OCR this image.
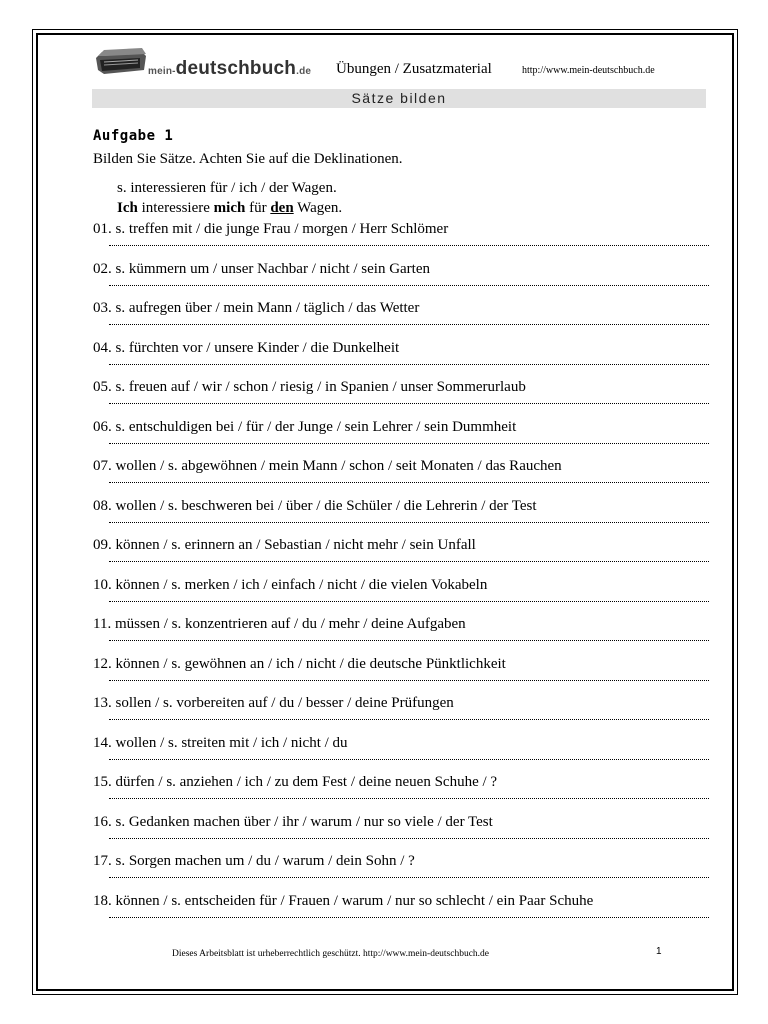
mein-deutschbuch.de Übungen / Zusatzmaterial	http://www.mein-deutschbuch.de
Sätze bilden
Aufgabe 1
Bilden Sie Sätze. Achten Sie auf die Deklinationen.
s. interessieren für / ich / der Wagen.
Ich interessiere mich für den Wagen.
01. s. treffen mit / die junge Frau / morgen / Herr Schlömer
02. s. kümmern um / unser Nachbar / nicht / sein Garten
03. s. aufregen über / mein Mann / täglich / das Wetter
04. s. fürchten vor / unsere Kinder / die Dunkelheit
05. s. freuen auf / wir / schon / riesig / in Spanien / unser Sommerurlaub
06. s. entschuldigen bei / für / der Junge / sein Lehrer / sein Dummheit
07. wollen / s. abgewöhnen / mein Mann / schon / seit Monaten / das Rauchen
08. wollen / s. beschweren bei / über / die Schüler / die Lehrerin / der Test
09. können / s. erinnern an / Sebastian / nicht mehr / sein Unfall
10. können / s. merken / ich / einfach / nicht / die vielen Vokabeln
11. müssen / s. konzentrieren auf / du / mehr / deine Aufgaben
12. können / s. gewöhnen an / ich / nicht / die deutsche Pünktlichkeit
13. sollen / s. vorbereiten auf / du / besser / deine Prüfungen
14. wollen / s. streiten mit / ich / nicht / du
15. dürfen / s. anziehen / ich / zu dem Fest / deine neuen Schuhe / ?
16. s. Gedanken machen über / ihr / warum / nur so viele / der Test
17. s. Sorgen machen um / du / warum / dein Sohn / ?
18. können / s. entscheiden für / Frauen / warum / nur so schlecht / ein Paar Schuhe
Dieses Arbeitsblatt ist urheberrechtlich geschützt. http://www.mein-deutschbuch.de	1
